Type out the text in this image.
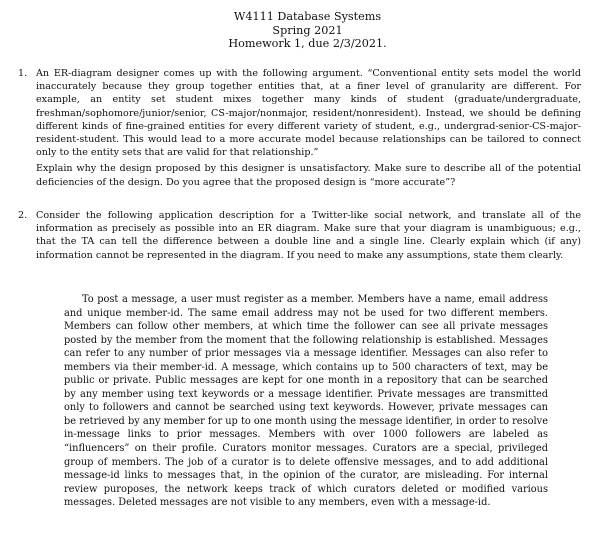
W4111 Database Systems
Spring 2021
Homework 1, due 2/3/2021.
1. An ER-diagram designer comes up with the following argument. “Conventional entity sets model the world inaccurately because they group together entities that, at a finer level of granularity are different. For example, an entity set student mixes together many kinds of student (graduate/undergraduate, freshman/sophomore/junior/senior, CS-major/nonmajor, resident/nonresident). Instead, we should be defining different kinds of fine-grained entities for every different variety of student, e.g., undergrad-senior-CS-major-resident-student. This would lead to a more accurate model because relationships can be tailored to connect only to the entity sets that are valid for that relationship.”

Explain why the design proposed by this designer is unsatisfactory. Make sure to describe all of the potential deficiencies of the design. Do you agree that the proposed design is “more accurate”?

2. Consider the following application description for a Twitter-like social network, and translate all of the information as precisely as possible into an ER diagram. Make sure that your diagram is unambiguous; e.g., that the TA can tell the difference between a double line and a single line. Clearly explain which (if any) information cannot be represented in the diagram. If you need to make any assumptions, state them clearly.

To post a message, a user must register as a member. Members have a name, email address and unique member-id. The same email address may not be used for two different members. Members can follow other members, at which time the follower can see all private messages posted by the member from the moment that the following relationship is established. Messages can refer to any number of prior messages via a message identifier. Messages can also refer to members via their member-id. A message, which contains up to 500 characters of text, may be public or private. Public messages are kept for one month in a repository that can be searched by any member using text keywords or a message identifier. Private messages are transmitted only to followers and cannot be searched using text keywords. However, private messages can be retrieved by any member for up to one month using the message identifier, in order to resolve in-message links to prior messages. Members with over 1000 followers are labeled as “influencers” on their profile. Curators monitor messages. Curators are a special, privileged group of members. The job of a curator is to delete offensive messages, and to add additional message-id links to messages that, in the opinion of the curator, are misleading. For internal review puroposes, the network keeps track of which curators deleted or modified various messages. Deleted messages are not visible to any members, even with a message-id.
